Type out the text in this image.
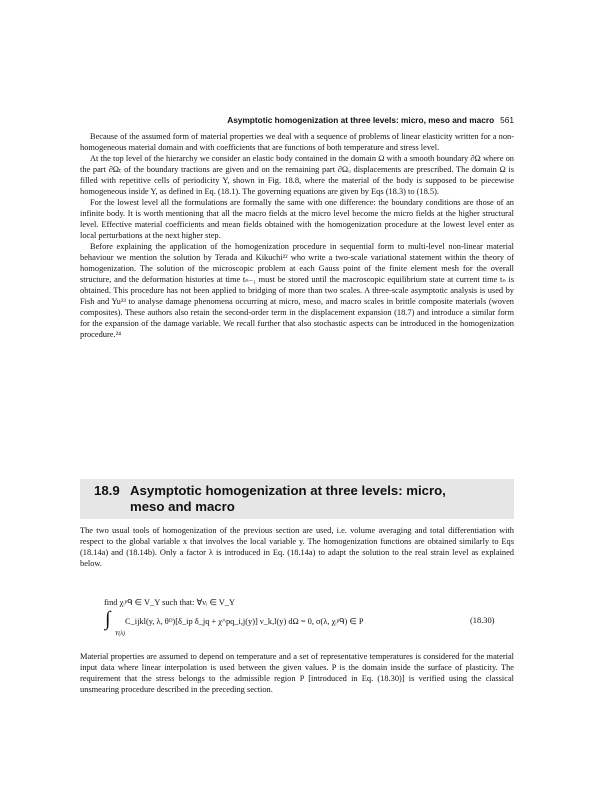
Asymptotic homogenization at three levels: micro, meso and macro 561

Because of the assumed form of material properties we deal with a sequence of problems of linear elasticity written for a non-homogeneous material domain and with coefficients that are functions of both temperature and stress level.

At the top level of the hierarchy we consider an elastic body contained in the domain Ω with a smooth boundary ∂Ω where on the part ∂Ωₜ of the boundary tractions are given and on the remaining part ∂Ωᵤ displacements are prescribed. The domain Ω is filled with repetitive cells of periodicity Y, shown in Fig. 18.8, where the material of the body is supposed to be piecewise homogeneous inside Y, as defined in Eq. (18.1). The governing equations are given by Eqs (18.3) to (18.5).

For the lowest level all the formulations are formally the same with one difference: the boundary conditions are those of an infinite body. It is worth mentioning that all the macro fields at the micro level become the micro fields at the higher structural level. Effective material coefficients and mean fields obtained with the homogenization procedure at the lowest level enter as local perturbations at the next higher step.

Before explaining the application of the homogenization procedure in sequential form to multi-level non-linear material behaviour we mention the solution by Terada and Kikuchi²² who write a two-scale variational statement within the theory of homogenization. The solution of the microscopic problem at each Gauss point of the finite element mesh for the overall structure, and the deformation histories at time tₙ₋₁ must be stored until the macroscopic equilibrium state at current time tₙ is obtained. This procedure has not been applied to bridging of more than two scales. A three-scale asymptotic analysis is used by Fish and Yu²³ to analyse damage phenomena occurring at micro, meso, and macro scales in brittle composite materials (woven composites). These authors also retain the second-order term in the displacement expansion (18.7) and introduce a similar form for the expansion of the damage variable. We recall further that also stochastic aspects can be introduced in the homogenization procedure.²⁴

18.9 Asymptotic homogenization at three levels: micro,
meso and macro

The two usual tools of homogenization of the previous section are used, i.e. volume averaging and total differentiation with respect to the global variable x that involves the local variable y. The homogenization functions are obtained similarly to Eqs (18.14a) and (18.14b). Only a factor λ is introduced in Eq. (18.14a) to adapt the solution to the real strain level as explained below.

find χᵢᵖᑫ ∈ V_Y such that: ∀νᵢ ∈ V_Y
∫
Y(λ)
C_ijkl(y, λ, θᴰ)[δ_ip δ_jq + χ^pq_i,j(y)] ν_k,l(y) dΩ = 0, σ(λ, χᵢᵖᑫ) ∈ P	(18.30)

Material properties are assumed to depend on temperature and a set of representative temperatures is considered for the material input data where linear interpolation is used between the given values. P is the domain inside the surface of plasticity. The requirement that the stress belongs to the admissible region P [introduced in Eq. (18.30)] is verified using the classical unsmearing procedure described in the preceding section.
